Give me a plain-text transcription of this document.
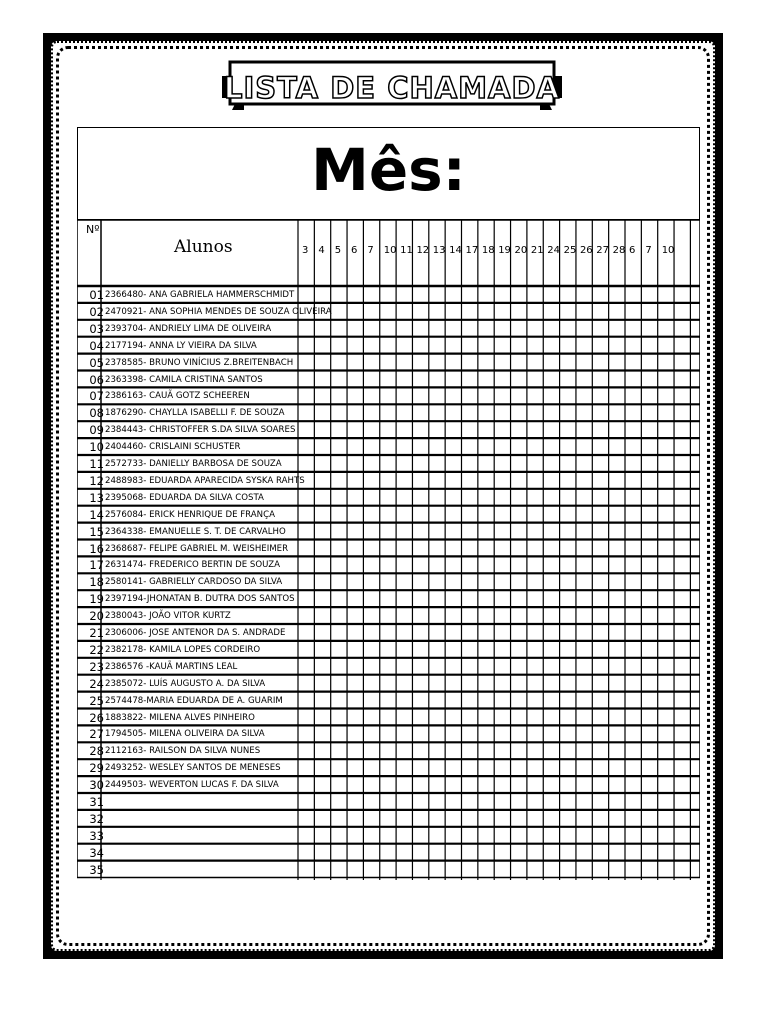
LISTA DE CHAMADA
Mês:
Nº
Alunos	3 4 5 6 7 10 11 12 13 14 17 18 19 20 21 24 25 26 27 28 6 7 10
01 2366480- ANA GABRIELA HAMMERSCHMIDT
02 2470921- ANA SOPHIA MENDES DE SOUZA OLIVEIRA
03 2393704- ANDRIELY LIMA DE OLIVEIRA
04 2177194- ANNA LY VIEIRA DA SILVA
05 2378585- BRUNO VINÍCIUS Z.BREITENBACH
06 2363398- CAMILA CRISTINA SANTOS
07 2386163- CAUÃ GOTZ SCHEEREN
08 1876290- CHAYLLA ISABELLI F. DE SOUZA
09 2384443- CHRISTOFFER S.DA SILVA SOARES
10 2404460- CRISLAINI SCHUSTER
11 2572733- DANIELLY BARBOSA DE SOUZA
12 2488983- EDUARDA APARECIDA SYSKA RAHTS
13 2395068- EDUARDA DA SILVA COSTA
14 2576084- ERICK HENRIQUE DE FRANÇA
15 2364338- EMANUELLE S. T. DE CARVALHO
16 2368687- FELIPE GABRIEL M. WEISHEIMER
17 2631474- FREDERICO BERTIN DE SOUZA
18 2580141- GABRIELLY CARDOSO DA SILVA
19 2397194-JHONATAN B. DUTRA DOS SANTOS
20 2380043- JOÃO VITOR KURTZ
21 2306006- JOSE ANTENOR DA S. ANDRADE
22 2382178- KAMILA LOPES CORDEIRO
23 2386576 -KAUÃ MARTINS LEAL
24 2385072- LUÍS AUGUSTO A. DA SILVA
25 2574478-MARIA EDUARDA DE A. GUARIM
26 1883822- MILENA ALVES PINHEIRO
27 1794505- MILENA OLIVEIRA DA SILVA
28 2112163- RAILSON DA SILVA NUNES
29 2493252- WESLEY SANTOS DE MENESES
30 2449503- WEVERTON LUCAS F. DA SILVA
31
32
33
34
35
